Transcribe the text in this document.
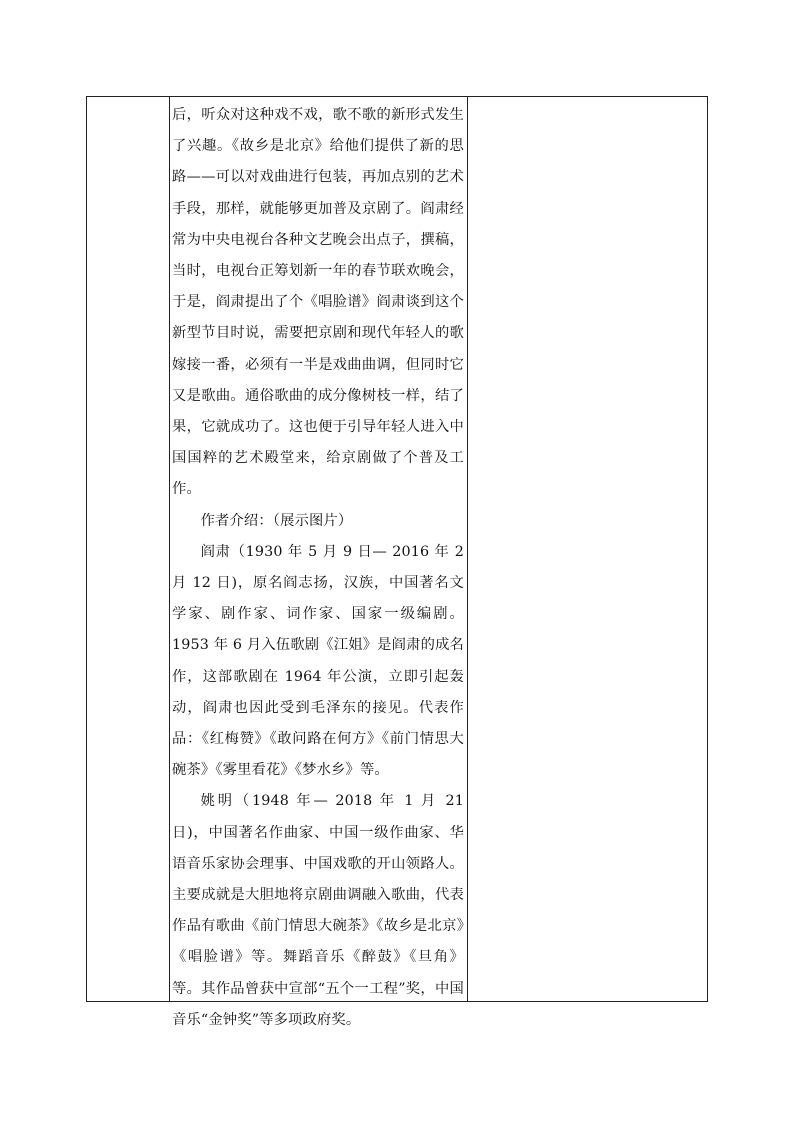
后，听众对这种戏不戏，歌不歌的新形式发生了兴趣。《故乡是北京》给他们提供了新的思路——可以对戏曲进行包装，再加点别的艺术手段，那样，就能够更加普及京剧了。阎肃经常为中央电视台各种文艺晚会出点子，撰稿，当时，电视台正筹划新一年的春节联欢晚会，于是，阎肃提出了个《唱脸谱》阎肃谈到这个新型节目时说，需要把京剧和现代年轻人的歌嫁接一番，必须有一半是戏曲曲调，但同时它又是歌曲。通俗歌曲的成分像树枝一样，结了果，它就成功了。这也便于引导年轻人进入中国国粹的艺术殿堂来，给京剧做了个普及工作。

作者介绍：（展示图片）

阎肃（1930 年 5 月 9 日— 2016 年 2 月 12 日)，原名阎志扬，汉族，中国著名文学家、剧作家、词作家、国家一级编剧。1953 年 6 月入伍歌剧《江姐》是阎肃的成名作，这部歌剧在 1964 年公演，立即引起轰动，阎肃也因此受到毛泽东的接见。代表作品：《红梅赞》《敢问路在何方》《前门情思大碗茶》《雾里看花》《梦水乡》等。

姚明（1948 年— 2018 年 1 月 21 日)，中国著名作曲家、中国一级作曲家、华语音乐家协会理事、中国戏歌的开山领路人。主要成就是大胆地将京剧曲调融入歌曲，代表作品有歌曲《前门情思大碗茶》《故乡是北京》《唱脸谱》等。舞蹈音乐《醉鼓》《旦角》等。其作品曾获中宣部“五个一工程”奖，中国音乐“金钟奖”等多项政府奖。
